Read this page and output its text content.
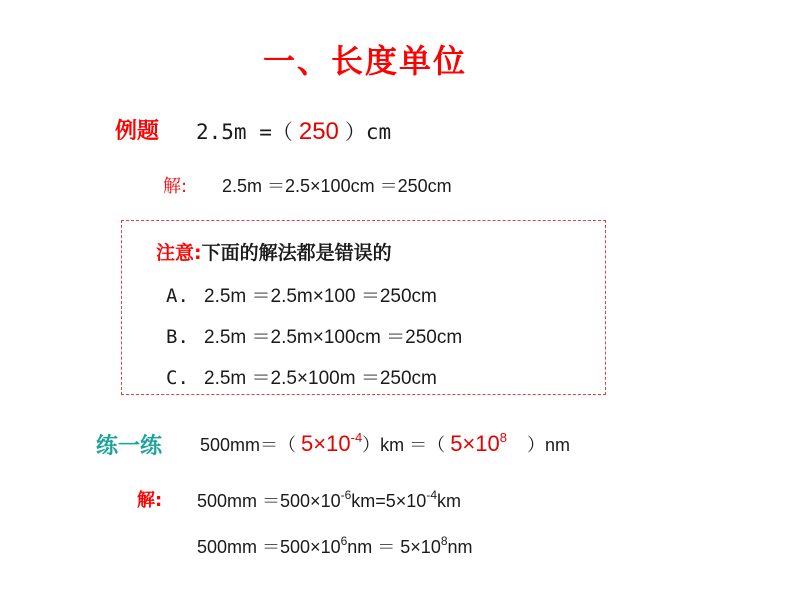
一、长度单位
例题 2.5m =（ 250 ）cm
解: 2.5m ＝2.5×100cm ＝250cm
注意:下面的解法都是错误的
A. 2.5m ＝2.5m×100 ＝250cm
B. 2.5m ＝2.5m×100cm ＝250cm
C. 2.5m ＝2.5×100m ＝250cm
练一练 500mm＝（ $5\times 10^{-4})km$ ＝（ $5\times 10^8$ ）nm
解: $500mm =500\times 10^{-6}km=5\times 10^{-4}km$
$500mm =500\times 10^6nm = 5\times 10^8nm$
